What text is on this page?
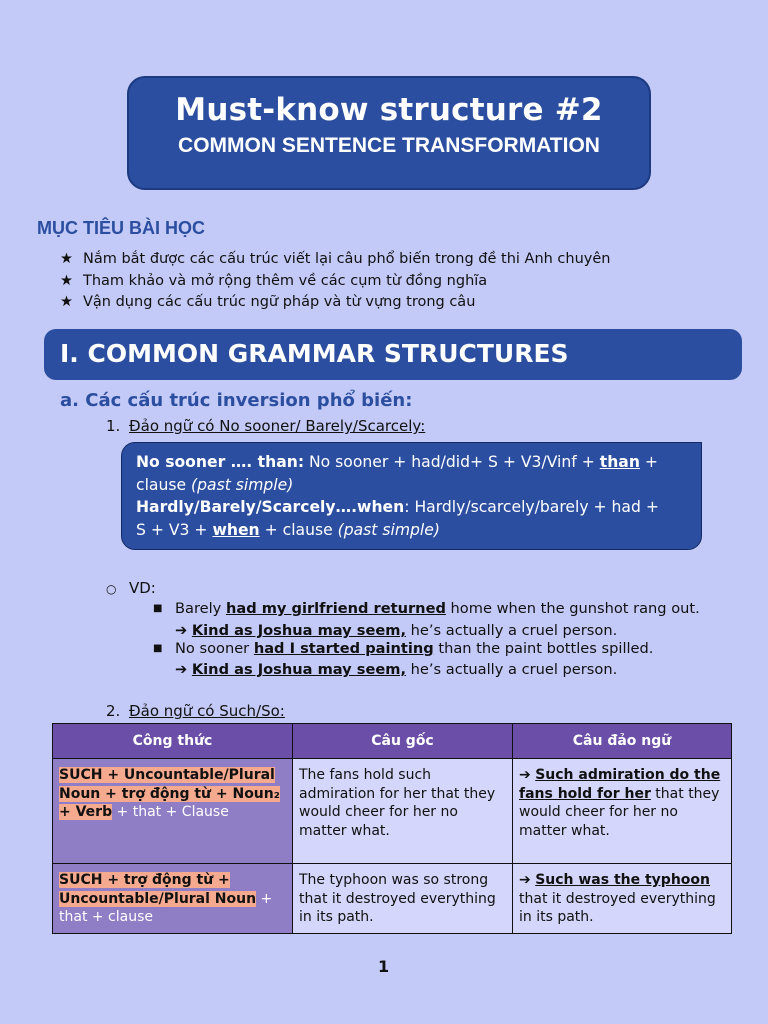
Must-know structure #2
COMMON SENTENCE TRANSFORMATION
MỤC TIÊU BÀI HỌC
★ Nắm bắt được các cấu trúc viết lại câu phổ biến trong đề thi Anh chuyên
★ Tham khảo và mở rộng thêm về các cụm từ đồng nghĩa
★ Vận dụng các cấu trúc ngữ pháp và từ vựng trong câu
I. COMMON GRAMMAR STRUCTURES
a. Các cấu trúc inversion phổ biến:
1. Đảo ngữ có No sooner/ Barely/Scarcely:
No sooner …. than: No sooner + had/did+ S + V3/Vinf + than +
clause (past simple)
Hardly/Barely/Scarcely….when: Hardly/scarcely/barely + had +
S + V3 + when + clause (past simple)
○ VD:
■ Barely had my girlfriend returned home when the gunshot rang out.
➔ Kind as Joshua may seem, he’s actually a cruel person.
■ No sooner had I started painting than the paint bottles spilled.
➔ Kind as Joshua may seem, he’s actually a cruel person.
2. Đảo ngữ có Such/So:
Công thức	Câu gốc	Câu đảo ngữ
SUCH + Uncountable/Plural Noun + trợ động từ + Noun₂ + Verb + that + Clause	The fans hold such admiration for her that they would cheer for her no matter what.	➔ Such admiration do the fans hold for her that they would cheer for her no matter what.
SUCH + trợ động từ + Uncountable/Plural Noun + that + clause	The typhoon was so strong that it destroyed everything in its path.	➔ Such was the typhoon that it destroyed everything in its path.
1
